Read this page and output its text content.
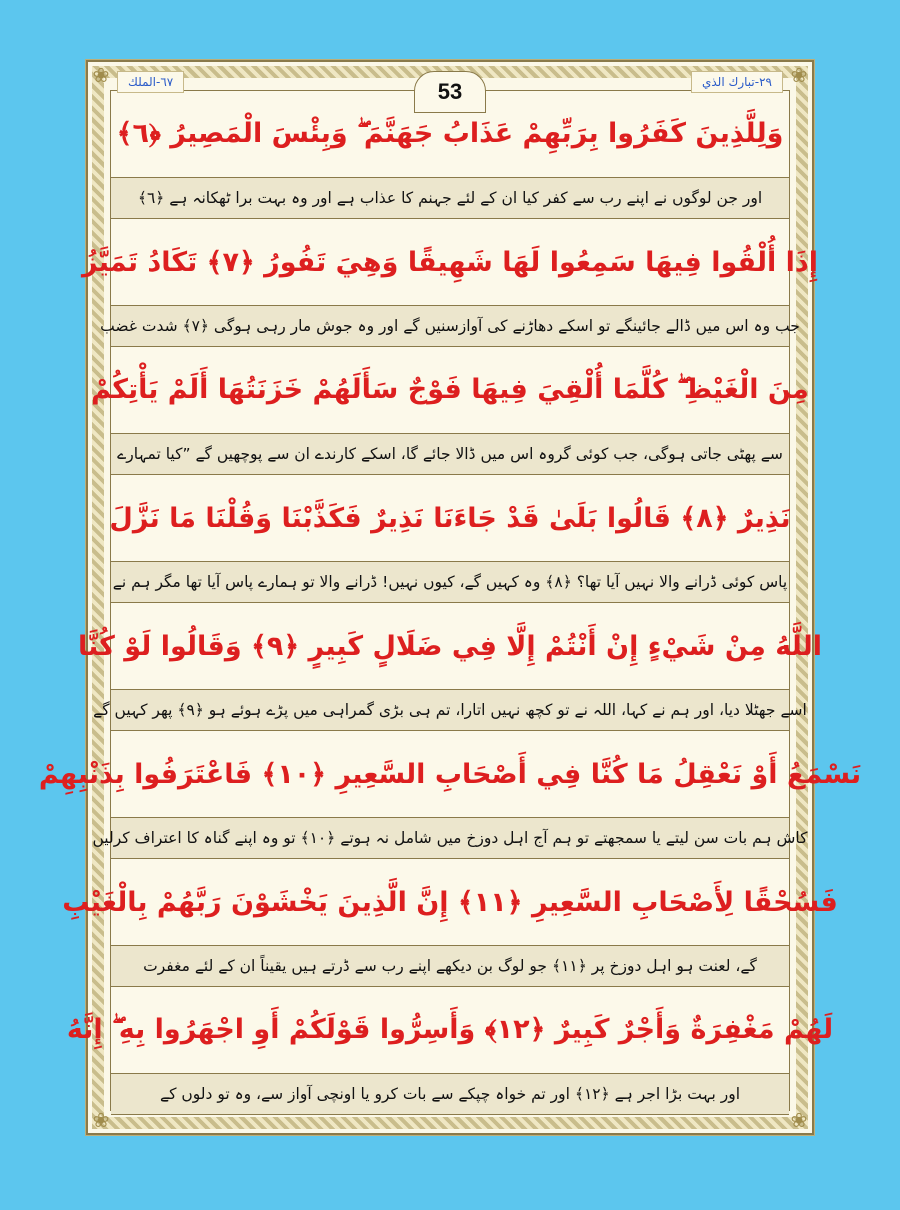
❀	❀
❀	❀
53	٢٩-تبارك الذي
٦٧-الملك
وَلِلَّذِينَ كَفَرُوا بِرَبِّهِمْ عَذَابُ جَهَنَّمَ ۖ وَبِئْسَ الْمَصِيرُ ﴿٦﴾
اور جن لوگوں نے اپنے رب سے کفر کیا ان کے لئے جہنم کا عذاب ہے اور وہ بہت برا ٹھکانہ ہے ﴿٦﴾
إِذَا أُلْقُوا فِيهَا سَمِعُوا لَهَا شَهِيقًا وَهِيَ تَفُورُ ﴿٧﴾ تَكَادُ تَمَيَّزُ
جب وہ اس میں ڈالے جائینگے تو اسکے دھاڑنے کی آوازسنیں گے اور وہ جوش مار رہی ہوگی ﴿٧﴾ شدت غضب
مِنَ الْغَيْظِ ۖ كُلَّمَا أُلْقِيَ فِيهَا فَوْجٌ سَأَلَهُمْ خَزَنَتُهَا أَلَمْ يَأْتِكُمْ
سے پھٹی جاتی ہوگی، جب کوئی گروہ اس میں ڈالا جائے گا، اسکے کارندے ان سے پوچھیں گے ”کیا تمہارے
نَذِيرٌ ﴿٨﴾ قَالُوا بَلَىٰ قَدْ جَاءَنَا نَذِيرٌ فَكَذَّبْنَا وَقُلْنَا مَا نَزَّلَ
پاس کوئی ڈرانے والا نہیں آیا تھا؟ ﴿٨﴾ وہ کہیں گے، کیوں نہیں! ڈرانے والا تو ہمارے پاس آیا تھا مگر ہم نے
اللَّهُ مِنْ شَيْءٍ إِنْ أَنْتُمْ إِلَّا فِي ضَلَالٍ كَبِيرٍ ﴿٩﴾ وَقَالُوا لَوْ كُنَّا
اسے جھٹلا دیا، اور ہم نے کہا، اللہ نے تو کچھ نہیں اتارا، تم ہی بڑی گمراہی میں پڑے ہوئے ہو ﴿٩﴾ پھر کہیں گے
نَسْمَعُ أَوْ نَعْقِلُ مَا كُنَّا فِي أَصْحَابِ السَّعِيرِ ﴿١٠﴾ فَاعْتَرَفُوا بِذَنْبِهِمْ
کاش ہم بات سن لیتے یا سمجھتے تو ہم آج اہل دوزخ میں شامل نہ ہوتے ﴿١٠﴾ تو وہ اپنے گناہ کا اعتراف کرلیں
فَسُحْقًا لِأَصْحَابِ السَّعِيرِ ﴿١١﴾ إِنَّ الَّذِينَ يَخْشَوْنَ رَبَّهُمْ بِالْغَيْبِ
گے، لعنت ہو اہل دوزخ پر ﴿١١﴾ جو لوگ بن دیکھے اپنے رب سے ڈرتے ہیں یقیناً ان کے لئے مغفرت
لَهُمْ مَغْفِرَةٌ وَأَجْرٌ كَبِيرٌ ﴿١٢﴾ وَأَسِرُّوا قَوْلَكُمْ أَوِ اجْهَرُوا بِهِ ۖ إِنَّهُ
اور بہت بڑا اجر ہے ﴿١٢﴾ اور تم خواہ چپکے سے بات کرو یا اونچی آواز سے، وہ تو دلوں کے
